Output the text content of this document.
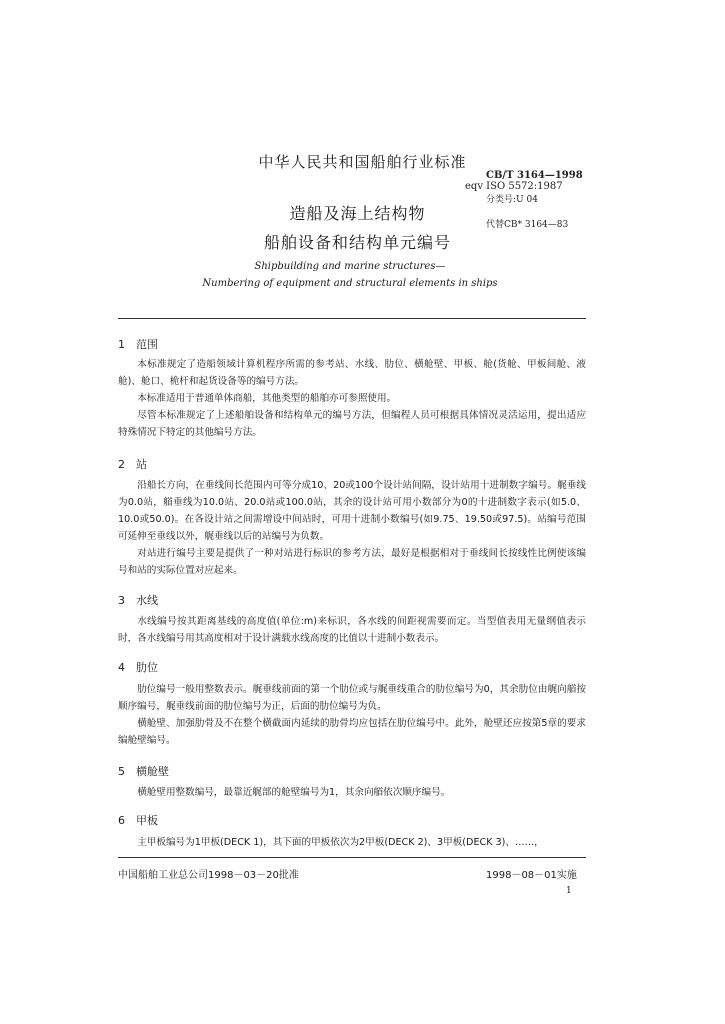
中华人民共和国船舶行业标准
CB/T 3164—1998
eqv ISO 5572:1987
分类号:U 04
代替CB* 3164—83
造船及海上结构物
船舶设备和结构单元编号
Shipbuilding and marine structures—
Numbering of equipment and structural elements in ships
1　范围
本标准规定了造船领域计算机程序所需的参考站、水线、肋位、横舱壁、甲板、舱(货舱、甲板间舱、液舱)、舱口、桅杆和起货设备等的编号方法。
本标准适用于普通单体商船，其他类型的船舶亦可参照使用。
尽管本标准规定了上述船舶设备和结构单元的编号方法，但编程人员可根据具体情况灵活运用，提出适应特殊情况下特定的其他编号方法。
2　站
沿船长方向，在垂线间长范围内可等分成10、20或100个设计站间隔，设计站用十进制数字编号。艉垂线为0.0站，艏垂线为10.0站、20.0站或100.0站，其余的设计站可用小数部分为0的十进制数字表示(如5.0、10.0或50.0)。在各设计站之间需增设中间站时，可用十进制小数编号(如9.75、19.50或97.5)。站编号范围可延伸至垂线以外，艉垂线以后的站编号为负数。
对站进行编号主要是提供了一种对站进行标识的参考方法，最好是根据相对于垂线间长按线性比例使该编号和站的实际位置对应起来。
3　水线
水线编号按其距离基线的高度值(单位:m)来标识，各水线的间距视需要而定。当型值表用无量纲值表示时，各水线编号用其高度相对于设计满载水线高度的比值以十进制小数表示。
4　肋位
肋位编号一般用整数表示。艉垂线前面的第一个肋位或与艉垂线重合的肋位编号为0，其余肋位由艉向艏按顺序编号，艉垂线前面的肋位编号为正，后面的肋位编号为负。
横舱壁、加强肋骨及不在整个横截面内延续的肋骨均应包括在肋位编号中。此外，舱壁还应按第5章的要求编舱壁编号。
5　横舱壁
横舱壁用整数编号，最靠近艉部的舱壁编号为1，其余向艏依次顺序编号。
6　甲板
主甲板编号为1甲板(DECK 1)，其下面的甲板依次为2甲板(DECK 2)、3甲板(DECK 3)、……，
中国船舶工业总公司1998－03－20批准	1998－08－01实施
1
